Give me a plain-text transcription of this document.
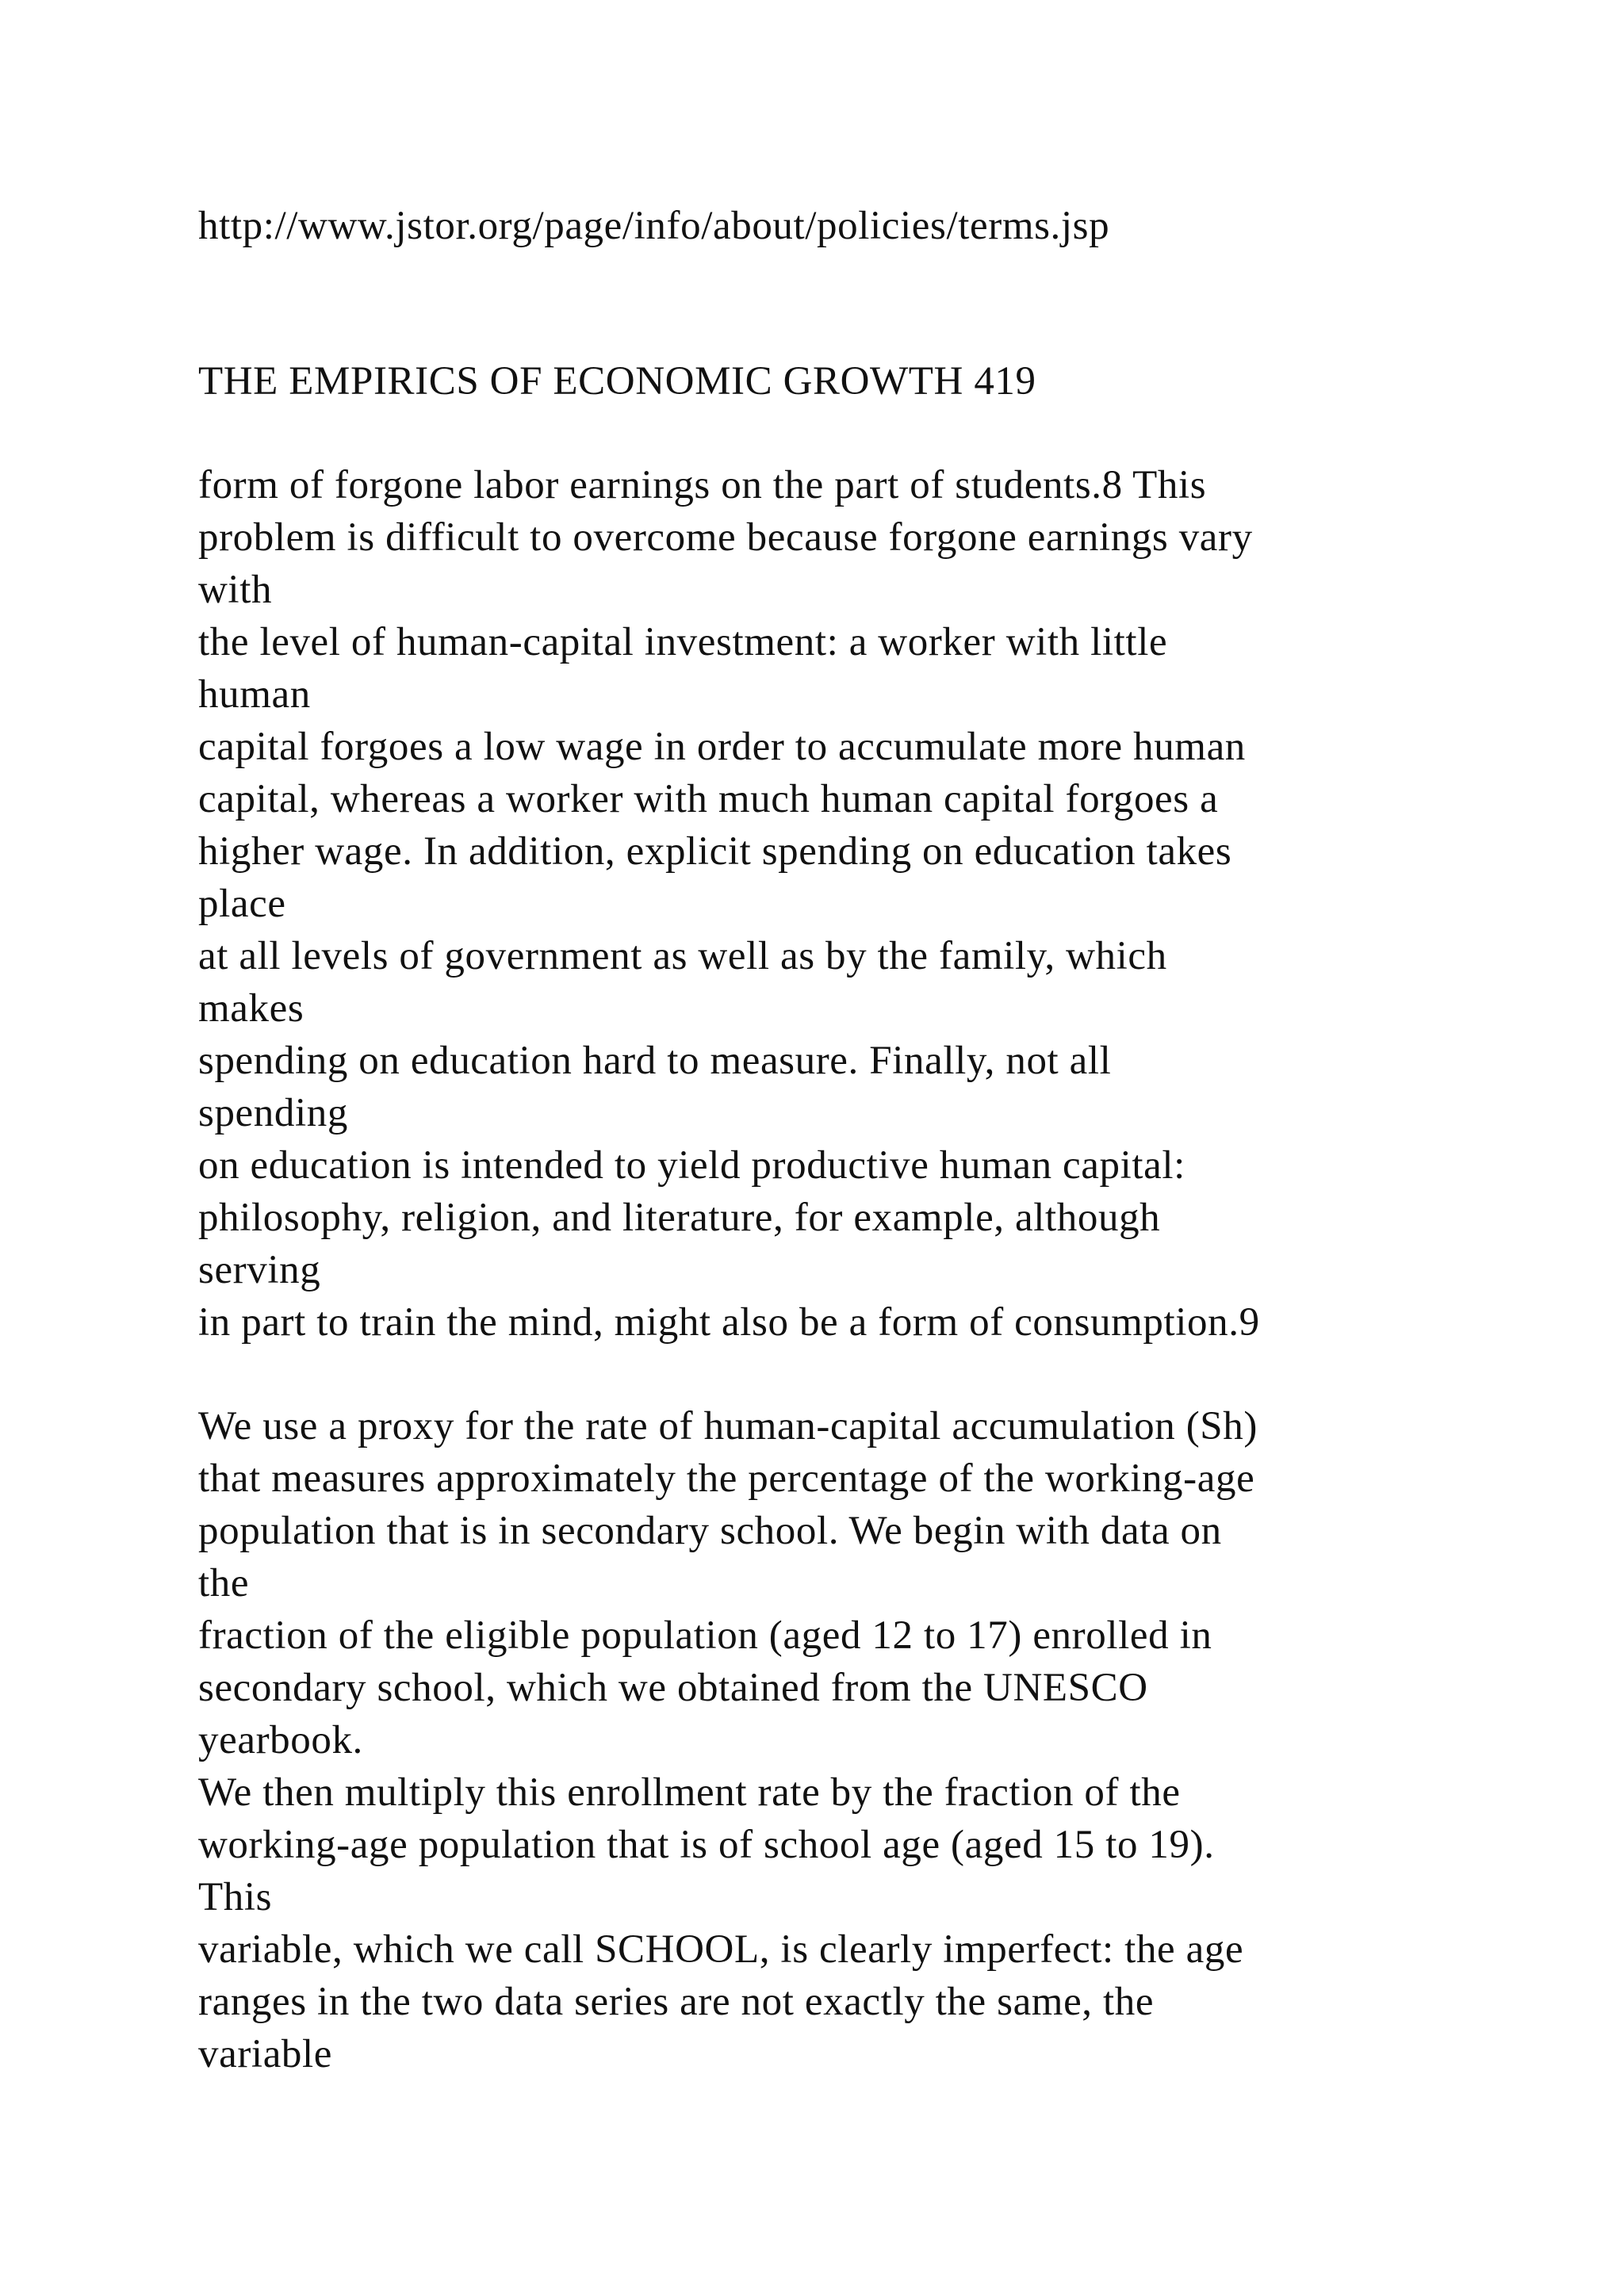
http://www.jstor.org/page/info/about/policies/terms.jsp

THE EMPIRICS OF ECONOMIC GROWTH 419

form of forgone labor earnings on the part of students.8 This

problem is difficult to overcome because forgone earnings vary

with

the level of human-capital investment: a worker with little

human

capital forgoes a low wage in order to accumulate more human

capital, whereas a worker with much human capital forgoes a

higher wage. In addition, explicit spending on education takes

place

at all levels of government as well as by the family, which

makes

spending on education hard to measure. Finally, not all

spending

on education is intended to yield productive human capital:

philosophy, religion, and literature, for example, although

serving

in part to train the mind, might also be a form of consumption.9

We use a proxy for the rate of human-capital accumulation (Sh)

that measures approximately the percentage of the working-age

population that is in secondary school. We begin with data on

the

fraction of the eligible population (aged 12 to 17) enrolled in

secondary school, which we obtained from the UNESCO

yearbook.

We then multiply this enrollment rate by the fraction of the

working-age population that is of school age (aged 15 to 19).

This

variable, which we call SCHOOL, is clearly imperfect: the age

ranges in the two data series are not exactly the same, the

variable
